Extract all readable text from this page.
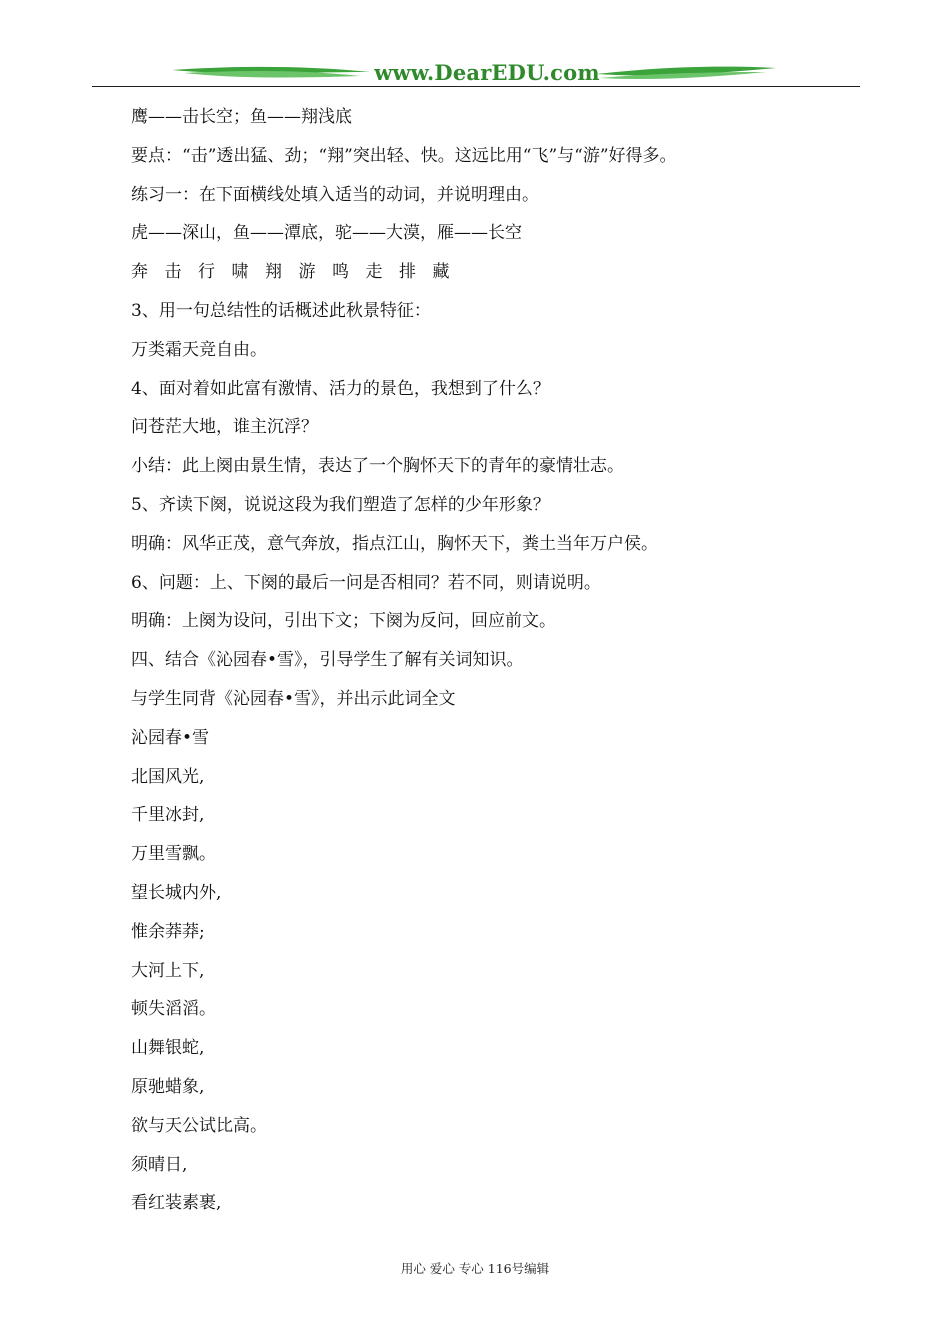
www.DearEDU.com
鹰——击长空；鱼——翔浅底
要点：“击”透出猛、劲；“翔”突出轻、快。这远比用“飞”与“游”好得多。
练习一：在下面横线处填入适当的动词，并说明理由。
虎——深山，鱼——潭底，驼——大漠，雁——长空
奔 击 行 啸 翔 游 鸣 走 排 藏
3、用一句总结性的话概述此秋景特征：
万类霜天竞自由。
4、面对着如此富有激情、活力的景色，我想到了什么？
问苍茫大地，谁主沉浮？
小结：此上阕由景生情，表达了一个胸怀天下的青年的豪情壮志。
5、齐读下阕，说说这段为我们塑造了怎样的少年形象？
明确：风华正茂，意气奔放，指点江山，胸怀天下，粪土当年万户侯。
6、问题：上、下阕的最后一问是否相同？若不同，则请说明。
明确：上阕为设问，引出下文；下阕为反问，回应前文。
四、结合《沁园春•雪》，引导学生了解有关词知识。
与学生同背《沁园春•雪》，并出示此词全文
沁园春•雪
北国风光,
千里冰封,
万里雪飘。
望长城内外,
惟余莽莽;
大河上下,
顿失滔滔。
山舞银蛇,
原驰蜡象,
欲与天公试比高。
须晴日,
看红装素裹,
用心 爱心 专心 116号编辑
